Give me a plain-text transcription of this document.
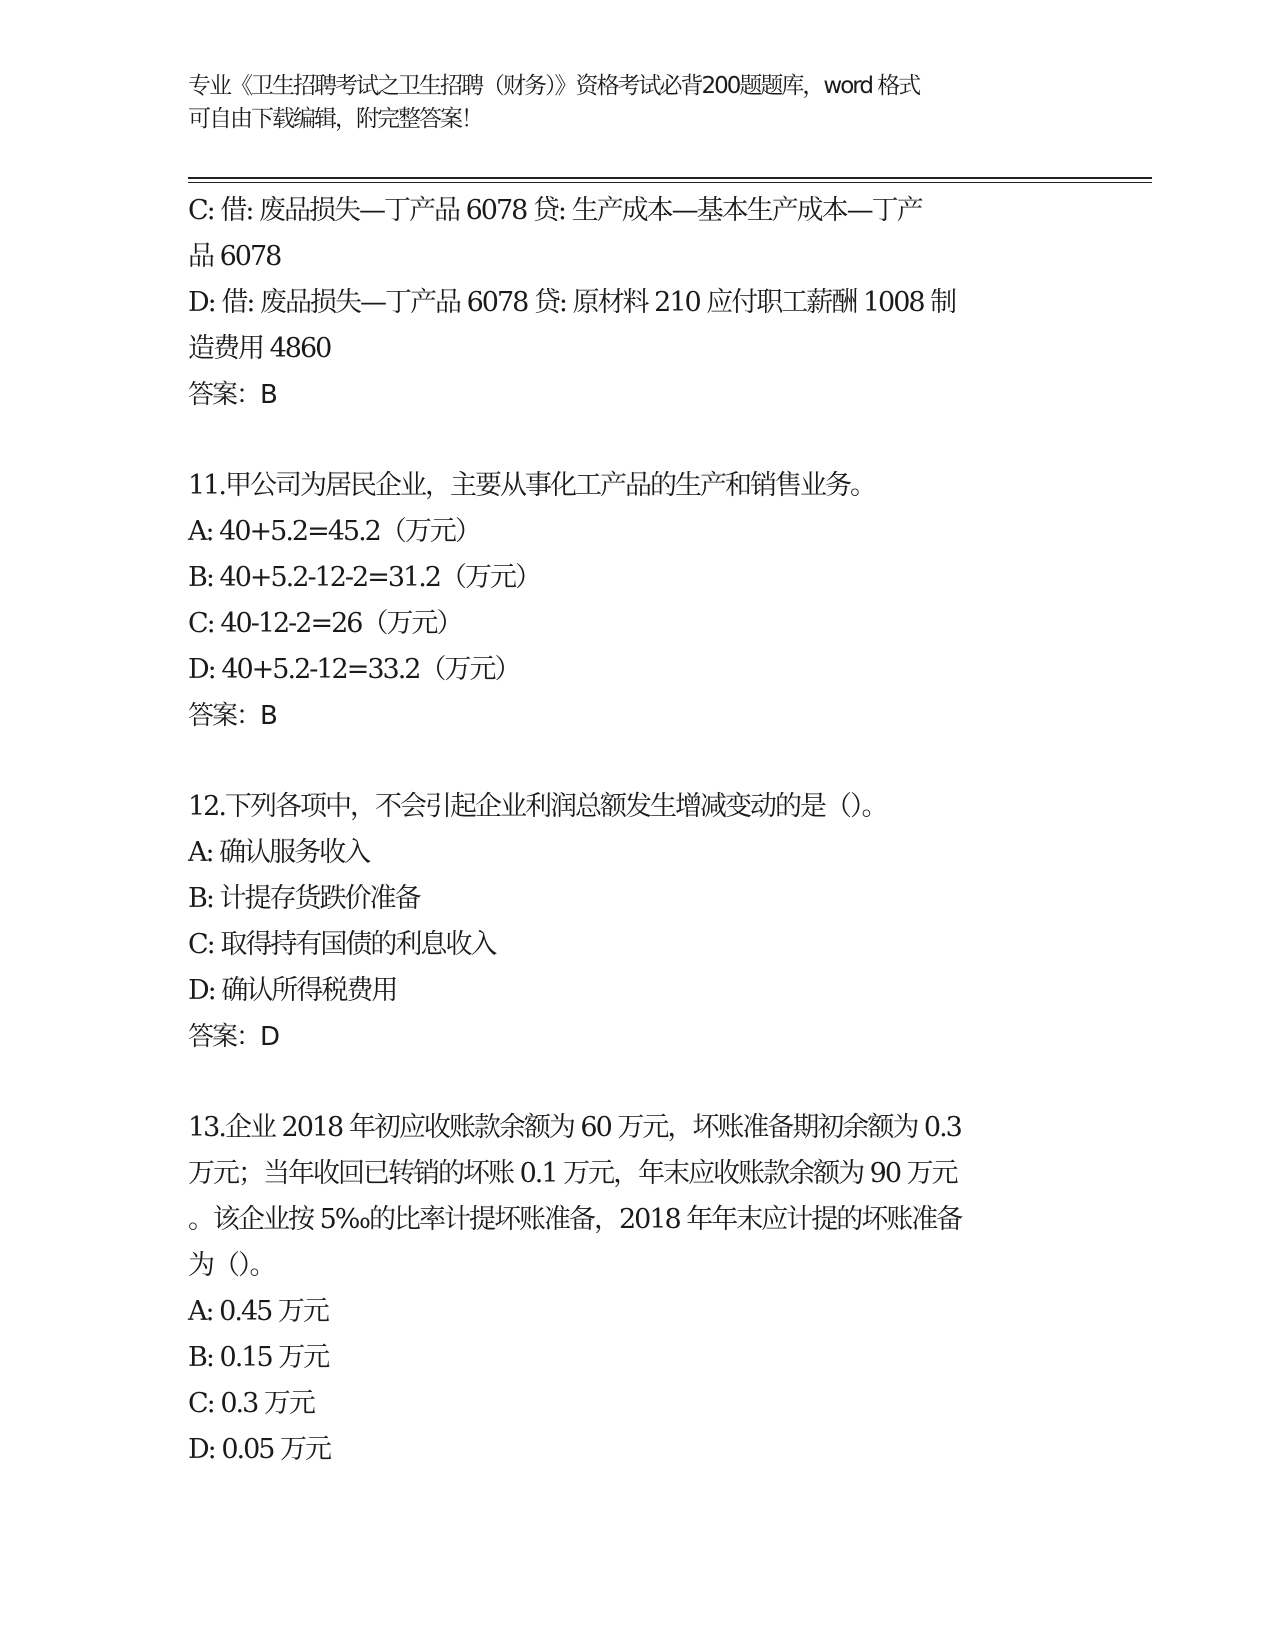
专业《卫生招聘考试之卫生招聘（财务）》资格考试必背200题题库，word 格式
可自由下载编辑，附完整答案！
C: 借: 废品损失—丁产品 6078 贷: 生产成本—基本生产成本—丁产
品 6078
D: 借: 废品损失—丁产品 6078 贷: 原材料 210 应付职工薪酬 1008 制
造费用 4860
答案：B
11.甲公司为居民企业，主要从事化工产品的生产和销售业务。
A: 40+5.2=45.2（万元）
B: 40+5.2-12-2=31.2（万元）
C: 40-12-2=26（万元）
D: 40+5.2-12=33.2（万元）
答案：B
12.下列各项中，不会引起企业利润总额发生增减变动的是（）。
A: 确认服务收入
B: 计提存货跌价准备
C: 取得持有国债的利息收入
D: 确认所得税费用
答案：D
13.企业 2018 年初应收账款余额为 60 万元，坏账准备期初余额为 0.3
万元；当年收回已转销的坏账 0.1 万元，年末应收账款余额为 90 万元
。该企业按 5‰的比率计提坏账准备，2018 年年末应计提的坏账准备
为（）。
A: 0.45 万元
B: 0.15 万元
C: 0.3 万元
D: 0.05 万元
